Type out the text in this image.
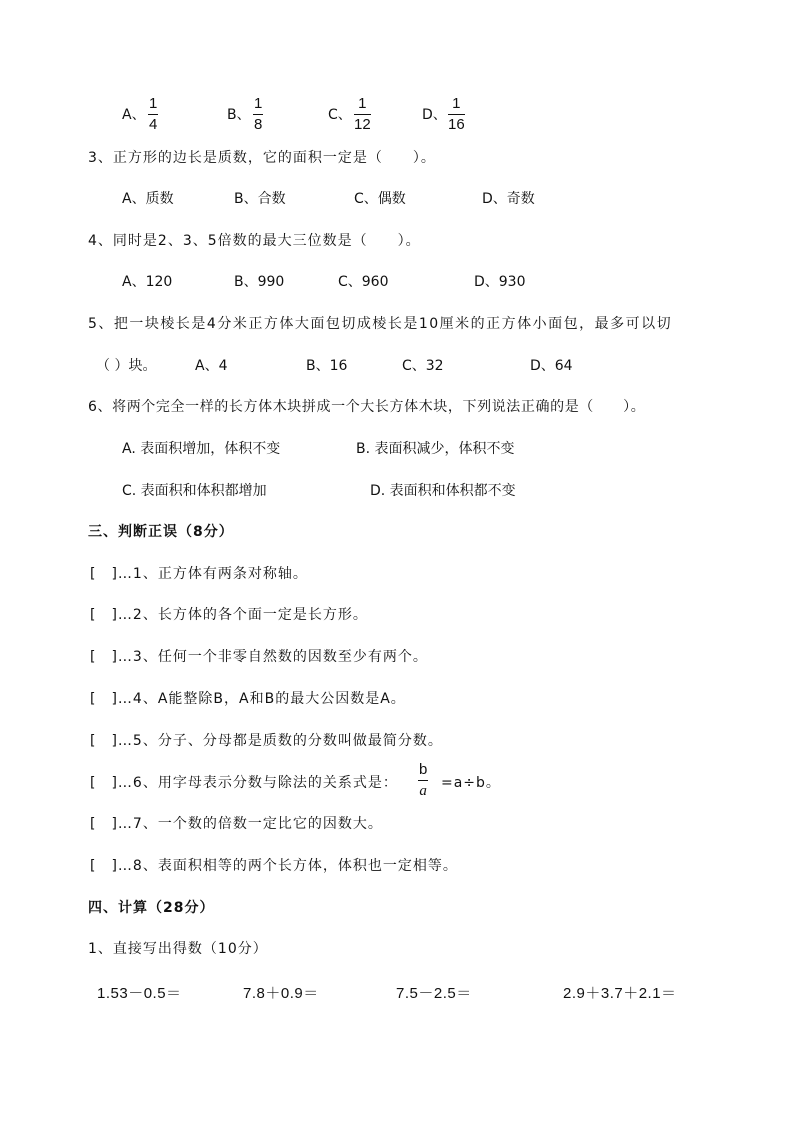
A、
1
4
B、
1
8
C、
1
12
D、
1
16
3、正方形的边长是质数，它的面积一定是（　　）。
A、质数	B、合数	C、偶数	D、奇数
4、同时是2、3、5倍数的最大三位数是（　　）。
A、120	B、990	C、960	D、930
5、把一块棱长是4分米正方体大面包切成棱长是10厘米的正方体小面包，最多可以切
（ ）块。	A、4	B、16	C、32	D、64
6、将两个完全一样的长方体木块拼成一个大长方体木块，下列说法正确的是（　　）。
A. 表面积增加，体积不变	B. 表面积减少，体积不变
C. 表面积和体积都增加	D. 表面积和体积都不变
三、判断正误（8分）
[　]…1、正方体有两条对称轴。
[　]…2、长方体的各个面一定是长方形。
[　]…3、任何一个非零自然数的因数至少有两个。
[　]…4、A能整除B，A和B的最大公因数是A。
[　]…5、分子、分母都是质数的分数叫做最简分数。
[　]…6、用字母表示分数与除法的关系式是：
b
a =a÷b。
[　]…7、一个数的倍数一定比它的因数大。
[　]…8、表面积相等的两个长方体，体积也一定相等。
四、计算（28分）
1、直接写出得数（10分）
1.53－0.5＝	7.8＋0.9＝	7.5－2.5＝	2.9＋3.7＋2.1＝
